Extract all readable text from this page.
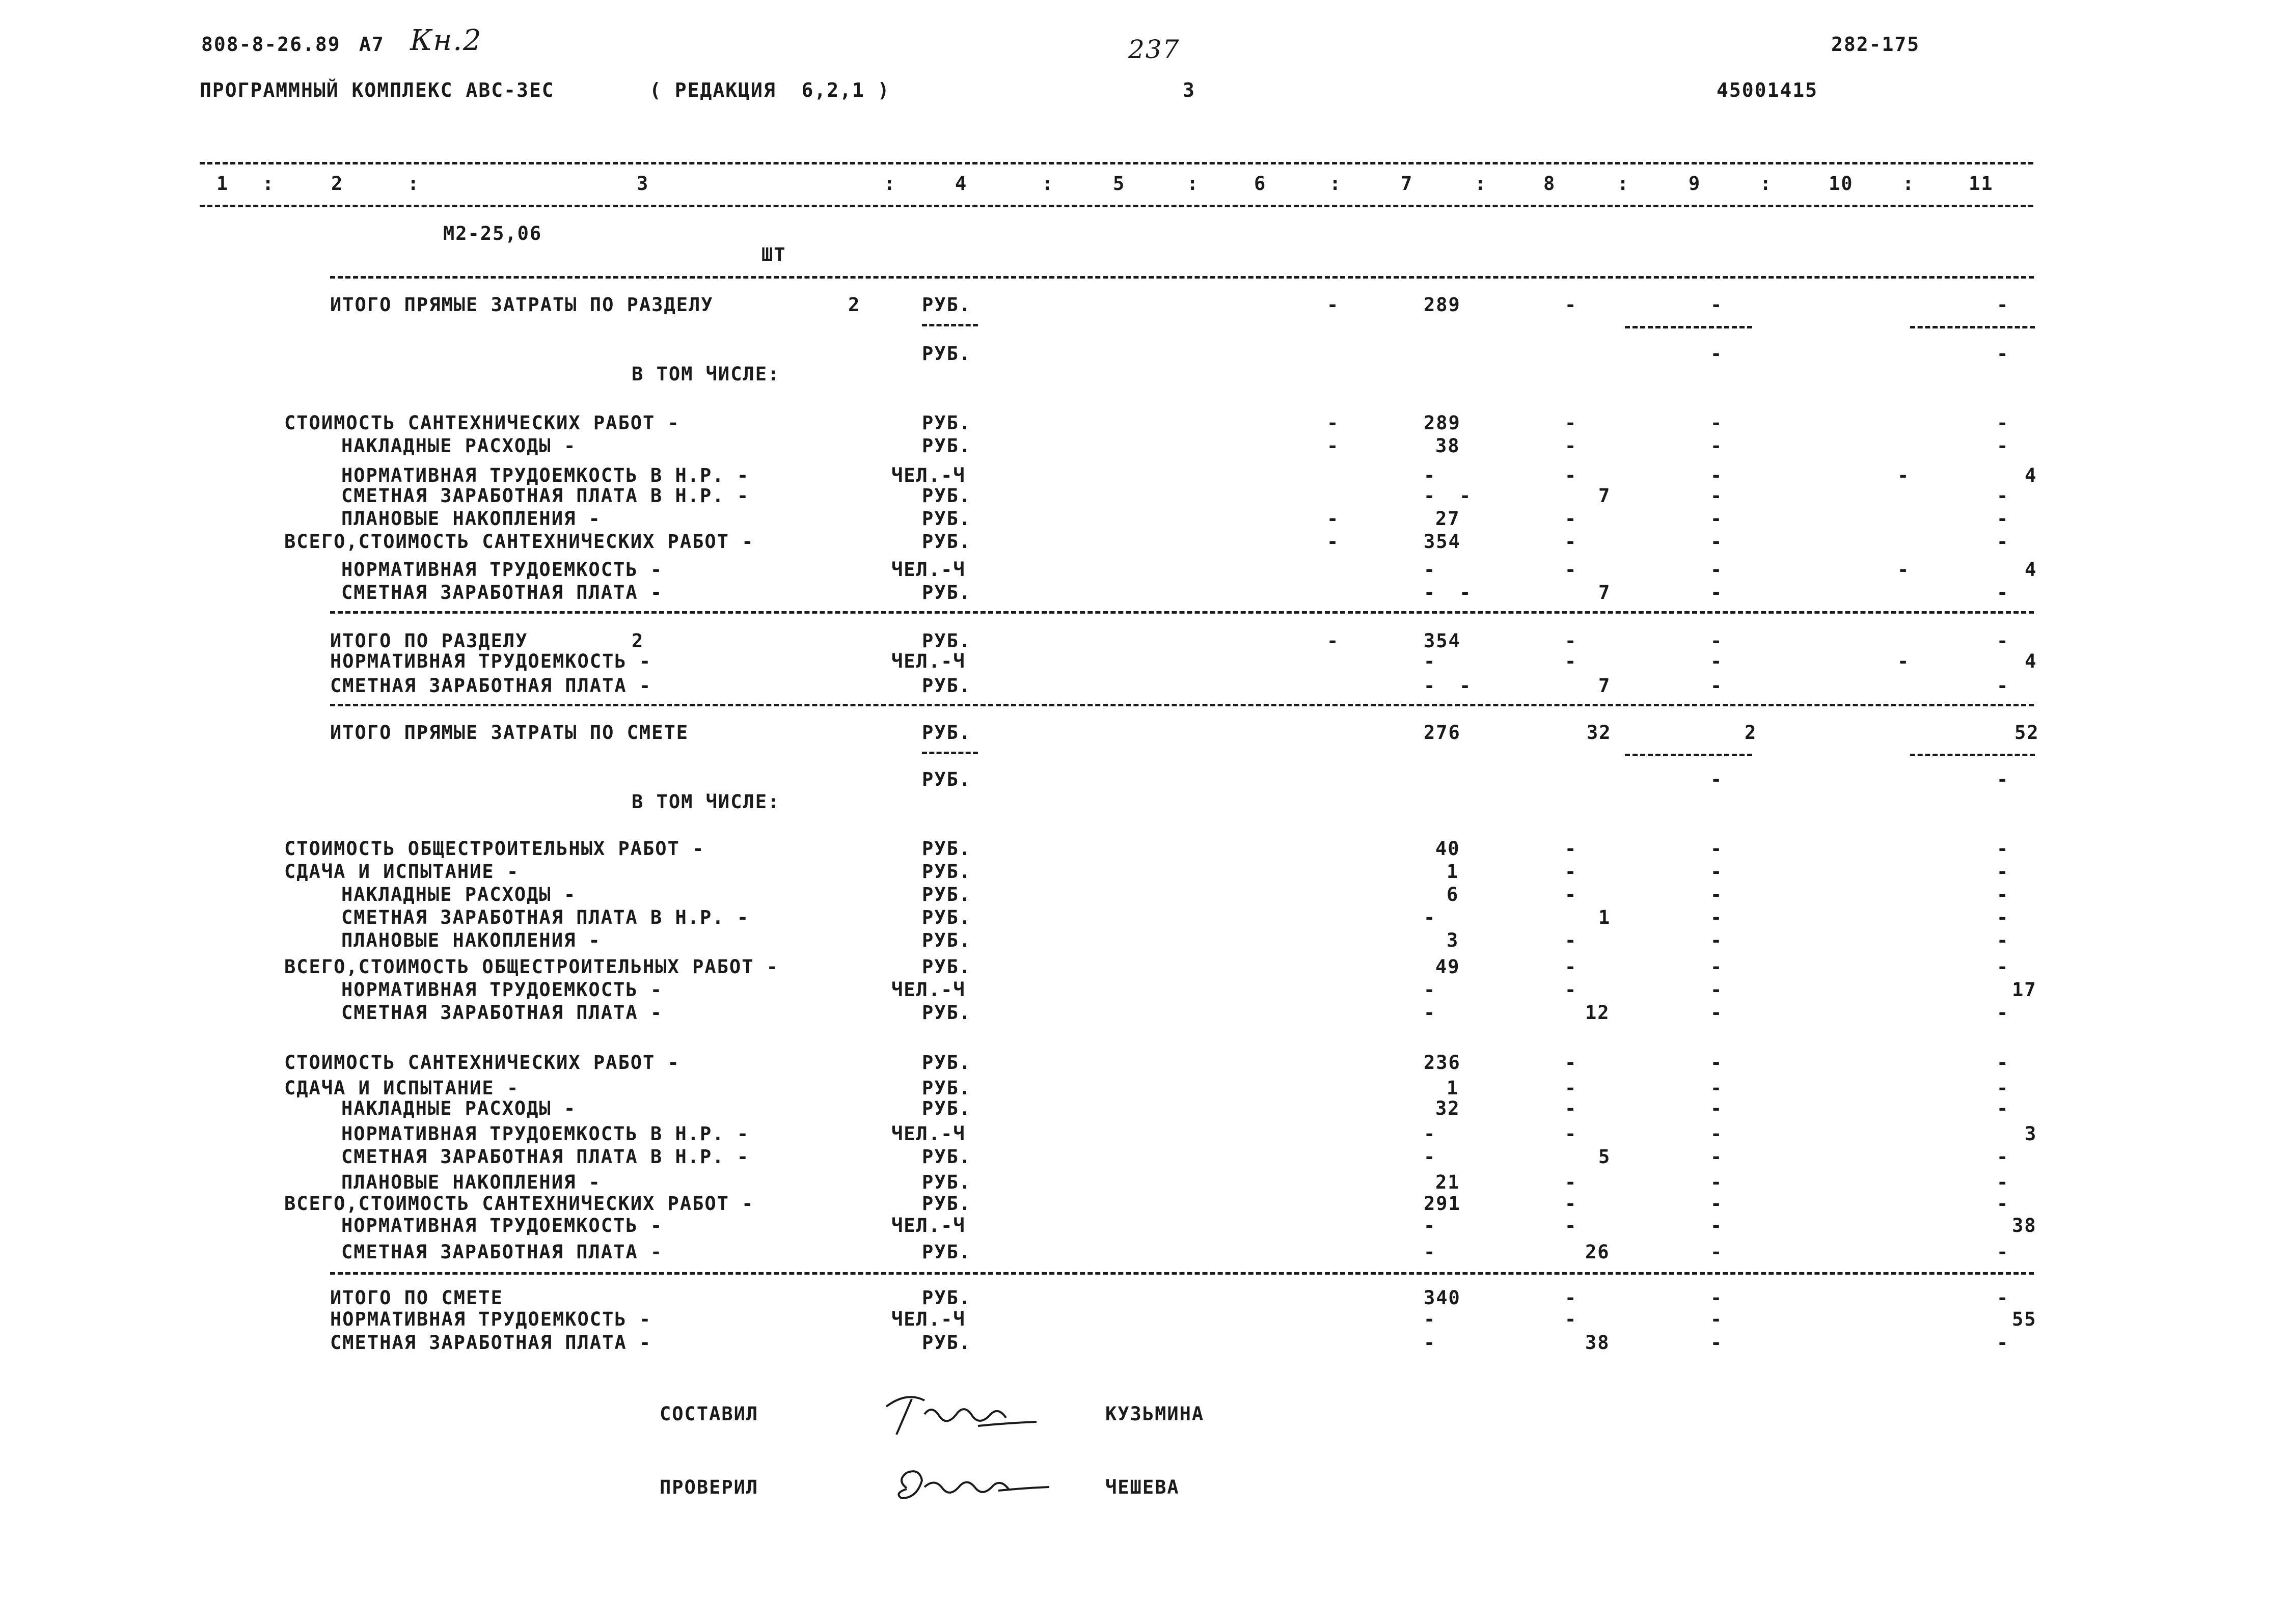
808-8-26.89 А7 Кн.2	237	282-175
ПРОГРАММНЫЙ КОМПЛЕКС АВС-3ЕС	( РЕДАКЦИЯ  6,2,1 )	3	45001415
1 :	2	:	3	:	4	:	5	:	6	:	7	:	8	:	9	:	10	:	11
М2-25,06
ШТ
ИТОГО ПРЯМЫЕ ЗАТРАТЫ ПО РАЗДЕЛУ	2	РУБ.	-	289	-	-	-
РУБ.	-	-
В ТОМ ЧИСЛЕ:
СТОИМОСТЬ САНТЕХНИЧЕСКИХ РАБОТ -	РУБ.	-	289	-	-	-
НАКЛАДНЫЕ РАСХОДЫ -	РУБ.	-	38	-	-	-
НОРМАТИВНАЯ ТРУДОЕМКОСТЬ В Н.Р. -	ЧЕЛ.-Ч	-	-	-	-	4
СМЕТНАЯ ЗАРАБОТНАЯ ПЛАТА В Н.Р. -	РУБ.	- -	7	-	-
ПЛАНОВЫЕ НАКОПЛЕНИЯ -	РУБ.	-	27	-	-	-
ВСЕГО,СТОИМОСТЬ САНТЕХНИЧЕСКИХ РАБОТ -	РУБ.	-	354	-	-	-
НОРМАТИВНАЯ ТРУДОЕМКОСТЬ -	ЧЕЛ.-Ч	-	-	-	-	4
СМЕТНАЯ ЗАРАБОТНАЯ ПЛАТА -	РУБ.	- -	7	-	-
ИТОГО ПО РАЗДЕЛУ	2	РУБ.	-	354	-	-	-
НОРМАТИВНАЯ ТРУДОЕМКОСТЬ -	ЧЕЛ.-Ч	-	-	-	-	4
СМЕТНАЯ ЗАРАБОТНАЯ ПЛАТА -	РУБ.	- -	7	-	-
ИТОГО ПРЯМЫЕ ЗАТРАТЫ ПО СМЕТЕ	РУБ.	276	32	2	52
РУБ.	-	-
В ТОМ ЧИСЛЕ:
СТОИМОСТЬ ОБЩЕСТРОИТЕЛЬНЫХ РАБОТ -	РУБ.	40	-	-	-
СДАЧА И ИСПЫТАНИЕ -	РУБ.	1	-	-	-
НАКЛАДНЫЕ РАСХОДЫ -	РУБ.	6	-	-	-
СМЕТНАЯ ЗАРАБОТНАЯ ПЛАТА В Н.Р. -	РУБ.	-	1	-	-
ПЛАНОВЫЕ НАКОПЛЕНИЯ -	РУБ.	3	-	-	-
ВСЕГО,СТОИМОСТЬ ОБЩЕСТРОИТЕЛЬНЫХ РАБОТ -	РУБ.	49	-	-	-
НОРМАТИВНАЯ ТРУДОЕМКОСТЬ -	ЧЕЛ.-Ч	-	-	-	17
СМЕТНАЯ ЗАРАБОТНАЯ ПЛАТА -	РУБ.	-	12	-	-
СТОИМОСТЬ САНТЕХНИЧЕСКИХ РАБОТ -	РУБ.	236	-	-	-
СДАЧА И ИСПЫТАНИЕ -	РУБ.	1	-	-	-
НАКЛАДНЫЕ РАСХОДЫ -	РУБ.	32	-	-	-
НОРМАТИВНАЯ ТРУДОЕМКОСТЬ В Н.Р. -	ЧЕЛ.-Ч	-	-	-	3
СМЕТНАЯ ЗАРАБОТНАЯ ПЛАТА В Н.Р. -	РУБ.	-	5	-	-
ПЛАНОВЫЕ НАКОПЛЕНИЯ -	РУБ.	21	-	-	-
ВСЕГО,СТОИМОСТЬ САНТЕХНИЧЕСКИХ РАБОТ -	РУБ.	291	-	-	-
НОРМАТИВНАЯ ТРУДОЕМКОСТЬ -	ЧЕЛ.-Ч	-	-	-	38
СМЕТНАЯ ЗАРАБОТНАЯ ПЛАТА -	РУБ.	-	26	-	-
ИТОГО ПО СМЕТЕ	РУБ.	340	-	-	-
НОРМАТИВНАЯ ТРУДОЕМКОСТЬ -	ЧЕЛ.-Ч	-	-	-	55
СМЕТНАЯ ЗАРАБОТНАЯ ПЛАТА -	РУБ.	-	38	-	-
СОСТАВИЛ	КУЗЬМИНА
ПРОВЕРИЛ	ЧЕШЕВА
